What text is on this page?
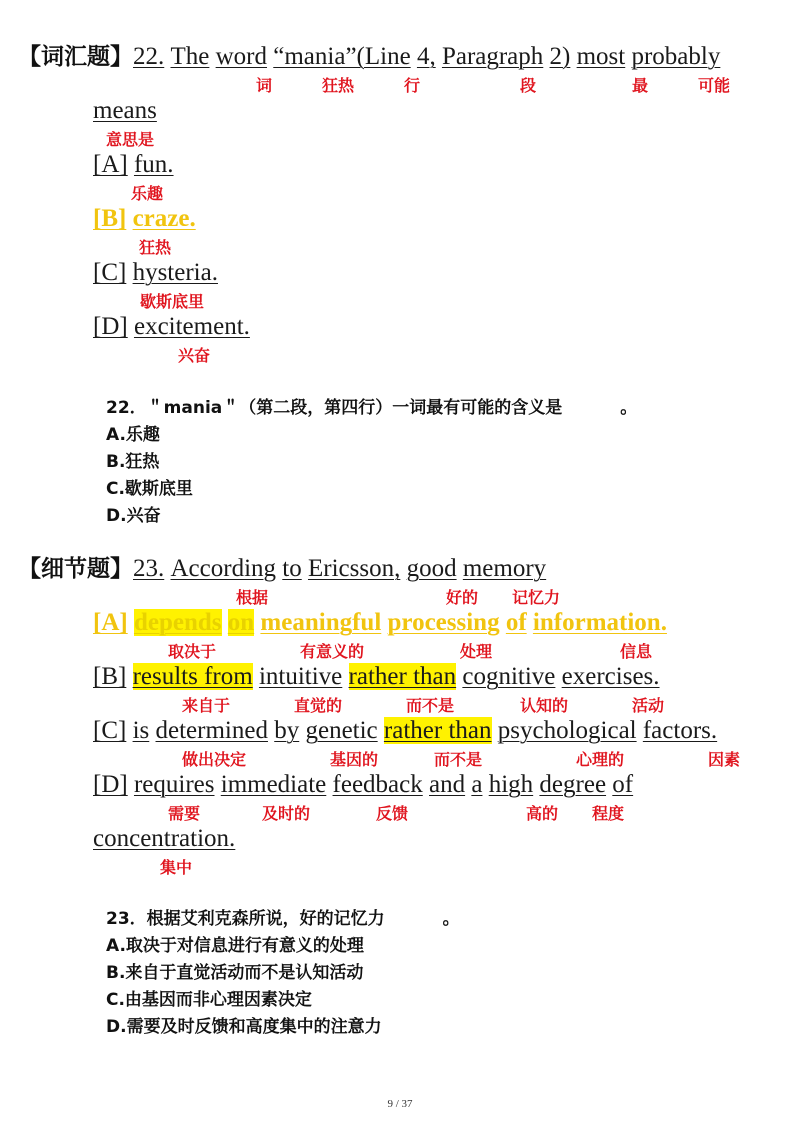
【词汇题】22. The word “mania”(Line 4, Paragraph 2) most probably
词	狂热	行	段	最	可能
means
意思是
[A] fun.
乐趣
[B] craze.
狂热
[C] hysteria.
歇斯底里
[D] excitement.
兴奋
22．＂mania＂（第二段，第四行）一词最有可能的含义是	。
A.乐趣
B.狂热
C.歇斯底里
D.兴奋
【细节题】23. According to Ericsson, good memory
根据	好的 记忆力
[A] depends on meaningful processing of information.
取决于	有意义的	处理	信息
[B] results from intuitive rather than cognitive exercises.
来自于	直觉的	而不是	认知的	活动
[C] is determined by genetic rather than psychological factors.
做出决定	基因的	而不是	心理的	因素
[D] requires immediate feedback and a high degree of
需要	及时的	反馈	高的 程度
concentration.
集中
23．根据艾利克森所说，好的记忆力	。
A.取决于对信息进行有意义的处理
B.来自于直觉活动而不是认知活动
C.由基因而非心理因素决定
D.需要及时反馈和高度集中的注意力
9 / 37
